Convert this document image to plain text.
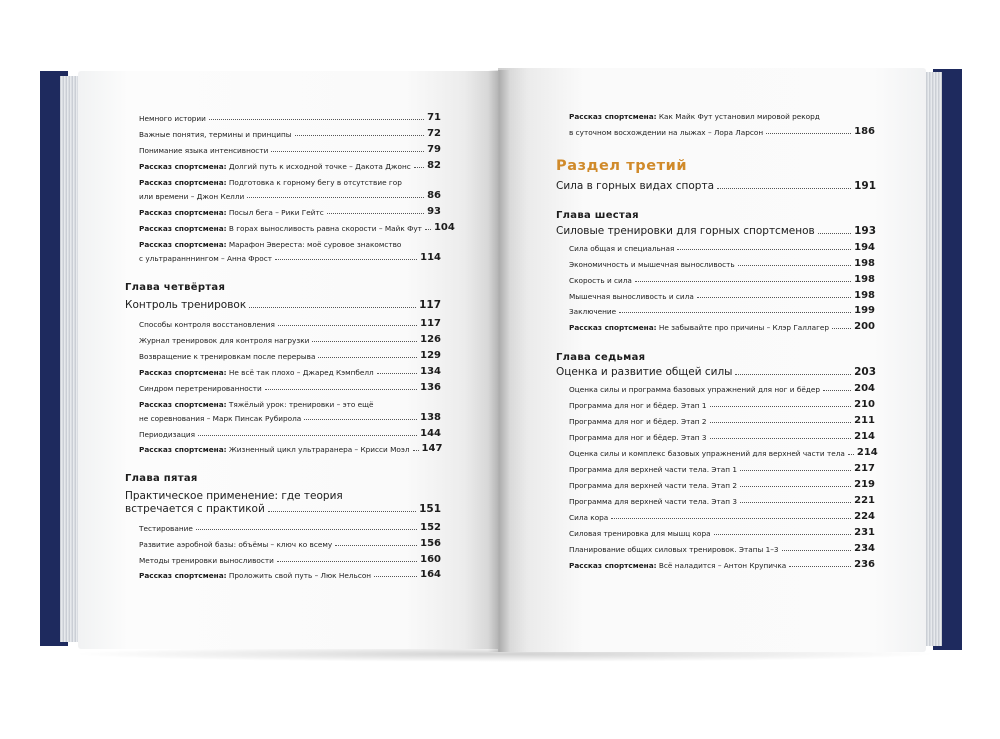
Немного истории	71
Важные понятия, термины и принципы	72
Понимание языка интенсивности	79
Рассказ спортсмена: Долгий путь к исходной точке – Дакота Джонс 82
Рассказ спортсмена: Подготовка к горному бегу в отсутствие гор
или времени – Джон Келли	86
Рассказ спортсмена: Посыл бега – Рики Гейтс	93
Рассказ спортсмена: В горах выносливость равна скорости – Майк Фут 104
Рассказ спортсмена: Марафон Эвереста: моё суровое знакомство
с ультраранннингом – Анна Фрост	114
Глава четвёртая
Контроль тренировок	117
Способы контроля восстановления	117
Журнал тренировок для контроля нагрузки	126
Возвращение к тренировкам после перерыва	129
Рассказ спортсмена: Не всё так плохо – Джаред Кэмпбелл	134
Синдром перетренированности	136
Рассказ спортсмена: Тяжёлый урок: тренировки – это ещё
не соревнования – Марк Пинсак Рубирола	138
Периодизация	144
Рассказ спортсмена: Жизненный цикл ультраранера – Крисси Моэл 147
Глава пятая
Практическое применение: где теория
встречается с практикой	151
Тестирование	152
Развитие аэробной базы: объёмы – ключ ко всему	156
Методы тренировки выносливости	160
Рассказ спортсмена: Проложить свой путь – Люк Нельсон	164
Рассказ спортсмена: Как Майк Фут установил мировой рекорд
в суточном восхождении на лыжах – Лора Ларсон	186
Раздел третий
Сила в горных видах спорта	191
Глава шестая
Силовые тренировки для горных спортсменов	193
Сила общая и специальная	194
Экономичность и мышечная выносливость	198
Скорость и сила	198
Мышечная выносливость и сила	198
Заключение	199
Рассказ спортсмена: Не забывайте про причины – Клэр Галлагер	200
Глава седьмая
Оценка и развитие общей силы	203
Оценка силы и программа базовых упражнений для ног и бёдер	204
Программа для ног и бёдер. Этап 1	210
Программа для ног и бёдер. Этап 2	211
Программа для ног и бёдер. Этап 3	214
Оценка силы и комплекс базовых упражнений для верхней части тела 214
Программа для верхней части тела. Этап 1	217
Программа для верхней части тела. Этап 2	219
Программа для верхней части тела. Этап 3	221
Сила кора	224
Силовая тренировка для мышц кора	231
Планирование общих силовых тренировок. Этапы 1–3	234
Рассказ спортсмена: Всё наладится – Антон Крупичка	236
